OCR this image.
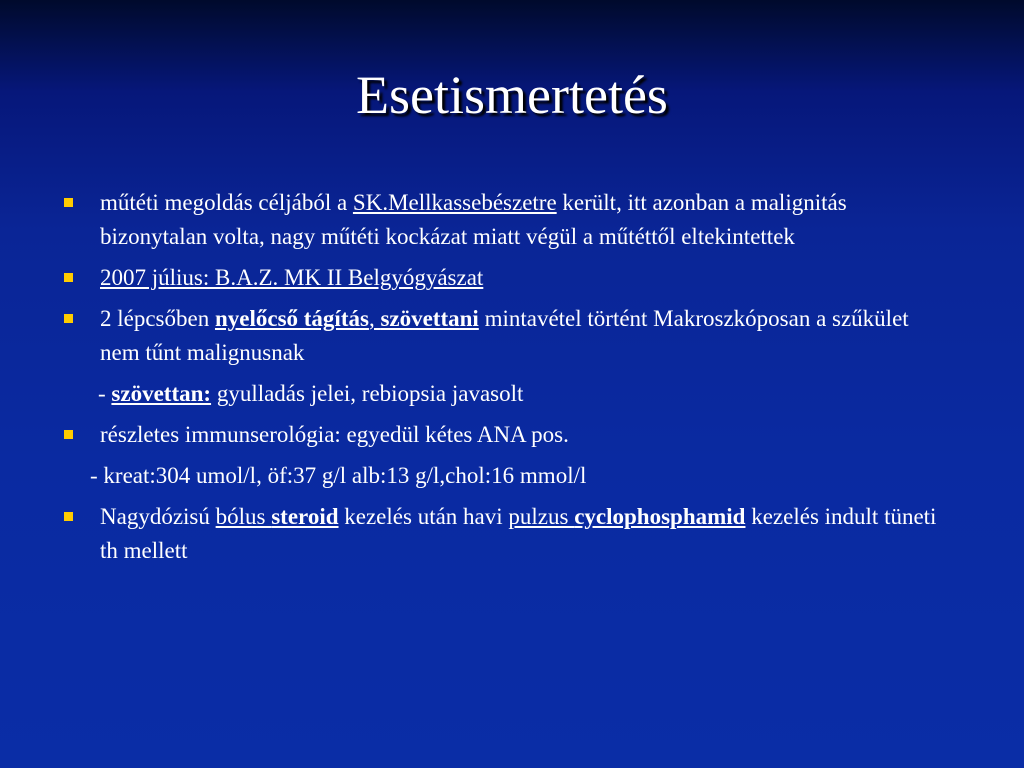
Esetismertetés
műtéti megoldás céljából a SK.Mellkassebészetre került, itt azonban a malignitás bizonytalan volta, nagy műtéti kockázat miatt végül a műtéttől eltekintettek
2007 július: B.A.Z. MK II Belgyógyászat
2 lépcsőben nyelőcső tágítás, szövettani mintavétel történt Makroszkóposan a szűkület nem tűnt malignusnak
- szövettan: gyulladás jelei, rebiopsia javasolt
részletes immunserológia: egyedül kétes ANA pos.
- kreat:304 umol/l, öf:37 g/l alb:13 g/l,chol:16 mmol/l
Nagydózisú bólus steroid kezelés után havi pulzus cyclophosphamid kezelés indult tüneti th mellett
